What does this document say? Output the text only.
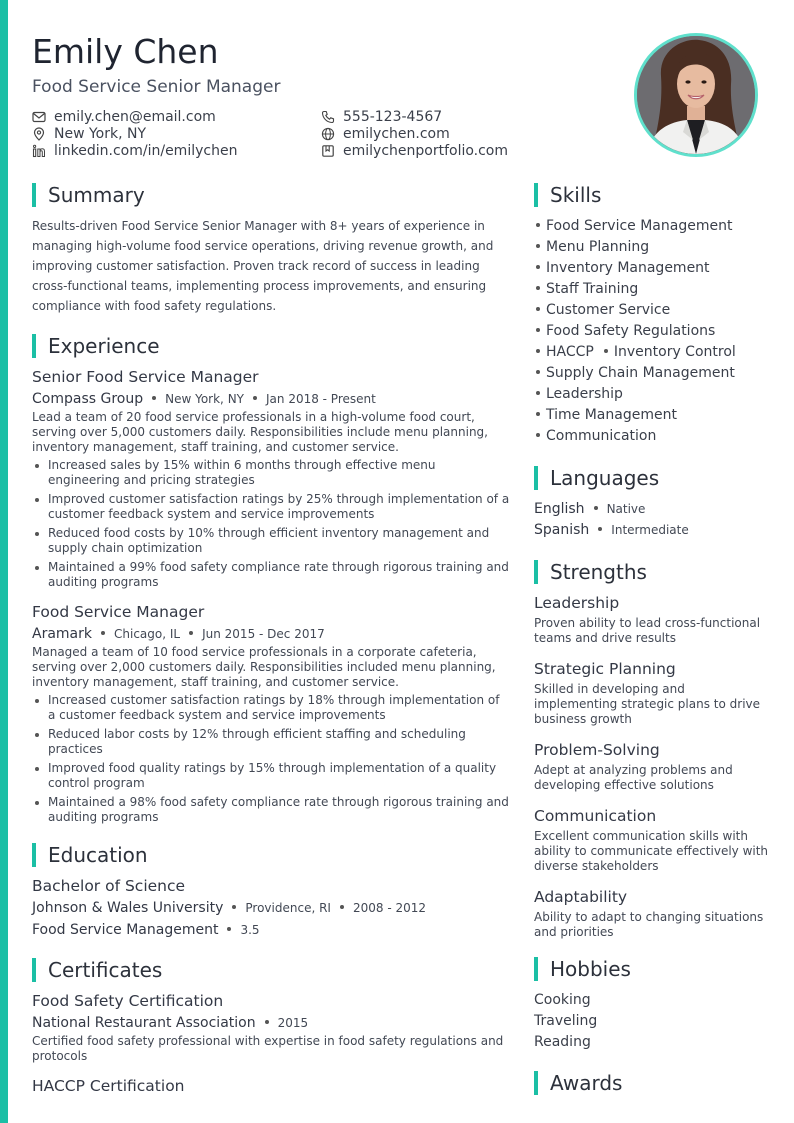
Emily Chen
Food Service Senior Manager
emily.chen@email.com	555-123-4567
New York, NY	emilychen.com
linkedin.com/in/emilychen	emilychenportfolio.com
Summary

Results-driven Food Service Senior Manager with 8+ years of experience in managing high-volume food service operations, driving revenue growth, and improving customer satisfaction. Proven track record of success in leading cross-functional teams, implementing process improvements, and ensuring compliance with food safety regulations.

Experience
Senior Food Service Manager
Compass Group New York, NY Jan 2018 - Present
Lead a team of 20 food service professionals in a high-volume food court, serving over 5,000 customers daily. Responsibilities include menu planning, inventory management, staff training, and customer service.
Increased sales by 15% within 6 months through effective menu engineering and pricing strategies
Improved customer satisfaction ratings by 25% through implementation of a customer feedback system and service improvements
Reduced food costs by 10% through efficient inventory management and supply chain optimization
Maintained a 99% food safety compliance rate through rigorous training and auditing programs
Food Service Manager
Aramark Chicago, IL Jun 2015 - Dec 2017
Managed a team of 10 food service professionals in a corporate cafeteria, serving over 2,000 customers daily. Responsibilities included menu planning, inventory management, staff training, and customer service.
Increased customer satisfaction ratings by 18% through implementation of a customer feedback system and service improvements
Reduced labor costs by 12% through efficient staffing and scheduling practices
Improved food quality ratings by 15% through implementation of a quality control program
Maintained a 98% food safety compliance rate through rigorous training and auditing programs
Education
Bachelor of Science
Johnson & Wales University Providence, RI 2008 - 2012
Food Service Management 3.5
Certificates
Food Safety Certification
National Restaurant Association 2015
Certified food safety professional with expertise in food safety regulations and protocols
HACCP Certification
Skills
Food Service Management
Menu Planning
Inventory Management
Staff Training
Customer Service
Food Safety Regulations
HACCP Inventory Control
Supply Chain Management
Leadership
Time Management
Communication
Languages
English Native
Spanish Intermediate
Strengths
Leadership
Proven ability to lead cross-functional teams and drive results
Strategic Planning
Skilled in developing and implementing strategic plans to drive business growth
Problem-Solving
Adept at analyzing problems and developing effective solutions
Communication
Excellent communication skills with ability to communicate effectively with diverse stakeholders
Adaptability
Ability to adapt to changing situations and priorities
Hobbies
Cooking
Traveling
Reading
Awards
